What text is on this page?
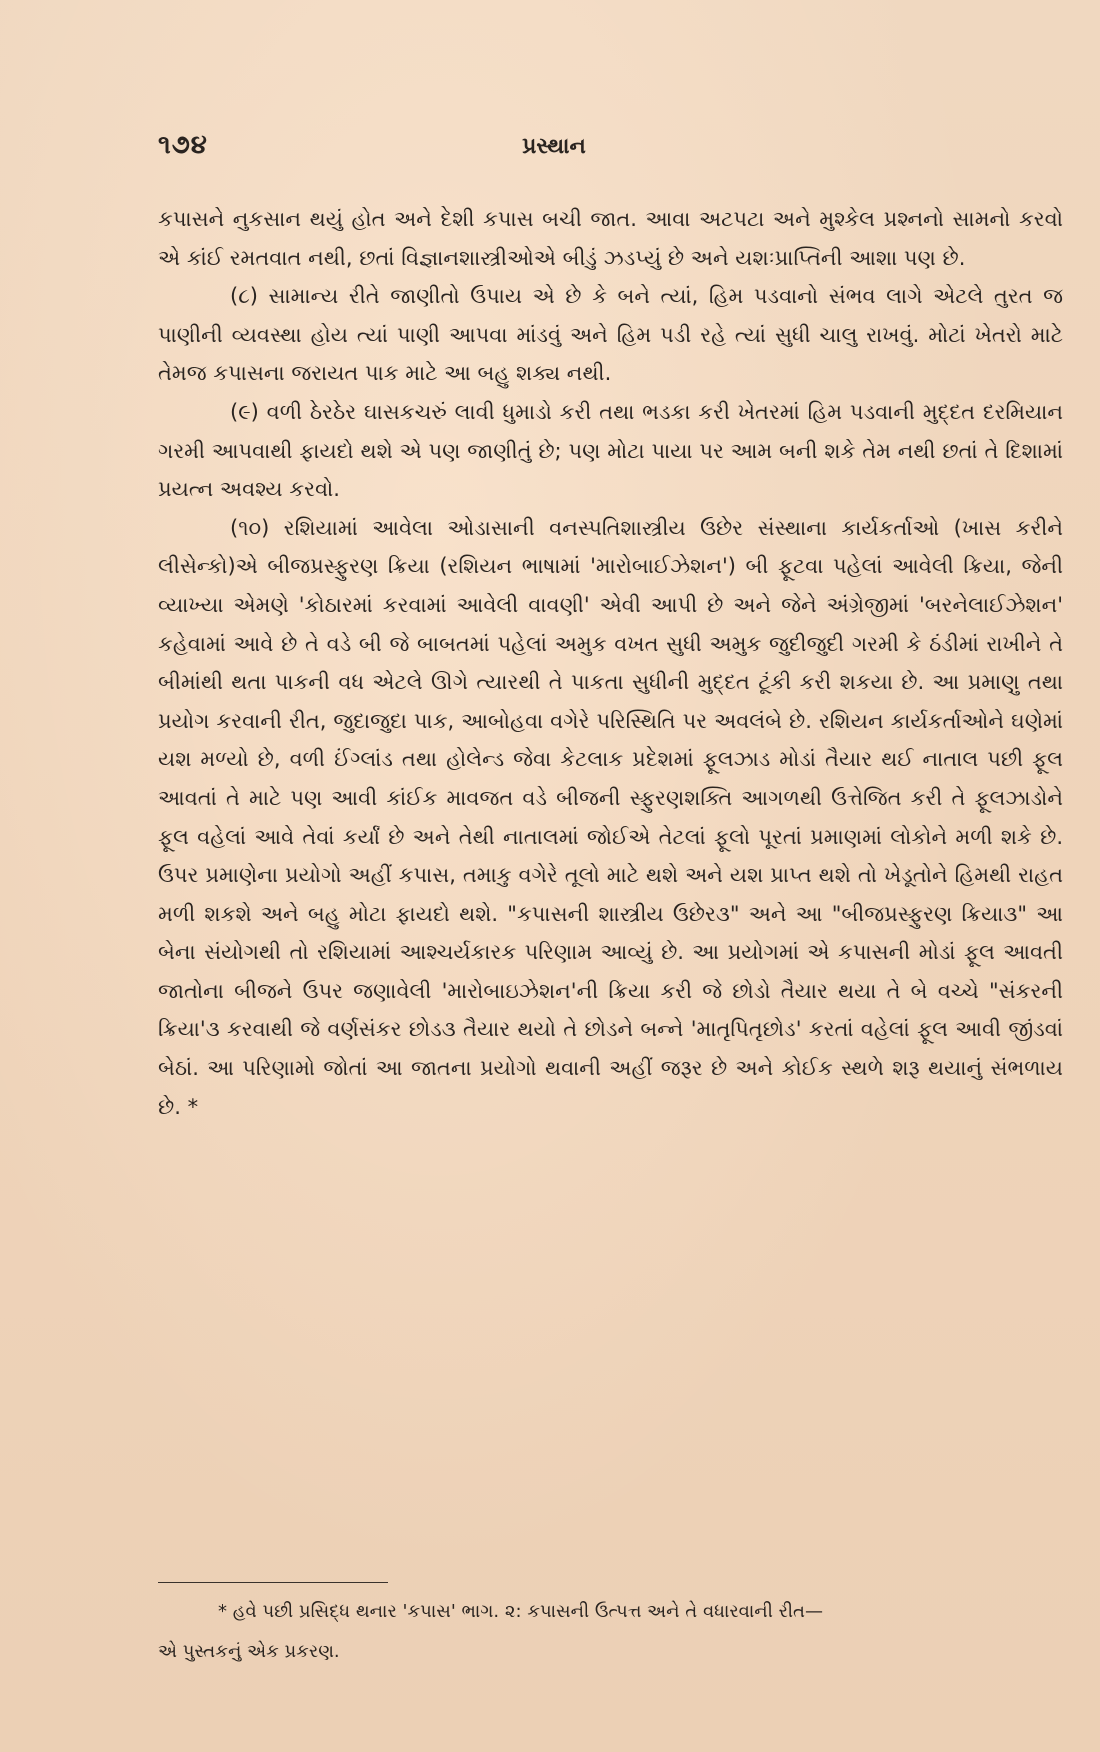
૧૭૪	પ્રસ્થાન

કપાસને નુકસાન થયું હોત અને દેશી કપાસ બચી જાત. આવા અટપટા અને મુશ્કેલ પ્રશ્નનો સામનો કરવો એ કાંઈ રમતવાત નથી, છતાં વિજ્ઞાનશાસ્ત્રીઓએ બીડું ઝડપ્યું છે અને યશઃપ્રાપ્તિની આશા પણ છે.

(૮) સામાન્ય રીતે જાણીતો ઉપાય એ છે કે બને ત્યાં, હિમ પડવાનો સંભવ લાગે એટલે તુરત જ પાણીની વ્યવસ્થા હોય ત્યાં પાણી આપવા માંડવું અને હિમ પડી રહે ત્યાં સુધી ચાલુ રાખવું. મોટાં ખેતરો માટે તેમજ કપાસના જરાયત પાક માટે આ બહુ શક્ય નથી.

(૯) વળી ઠેરઠેર ઘાસકચરું લાવી ધુમાડો કરી તથા ભડકા કરી ખેતરમાં હિમ પડવાની મુદ્દત દરમિયાન ગરમી આપવાથી ફાયદો થશે એ પણ જાણીતું છે; પણ મોટા પાયા પર આમ બની શકે તેમ નથી છતાં તે દિશામાં પ્રયત્ન અવશ્ય કરવો.

(૧૦) રશિયામાં આવેલા ઓડાસાની વનસ્પતિશાસ્ત્રીય ઉછેર સંસ્થાના કાર્યકર્તાઓ (ખાસ કરીને લીસેન્કો)એ બીજપ્રસ્ફુરણ ક્રિયા (રશિયન ભાષામાં 'મારોબાઈઝેશન') બી ફૂટવા પહેલાં આવેલી ક્રિયા, જેની વ્યાખ્યા એમણે 'કોઠારમાં કરવામાં આવેલી વાવણી' એવી આપી છે અને જેને અંગ્રેજીમાં 'બરનેલાઈઝેશન' કહેવામાં આવે છે તે વડે બી જે બાબતમાં પહેલાં અમુક વખત સુધી અમુક જુદીજુદી ગરમી કે ઠંડીમાં રાખીને તે બીમાંથી થતા પાકની વધ એટલે ઊગે ત્યારથી તે પાકતા સુધીની મુદ્દત ટૂંકી કરી શકયા છે. આ પ્રમાણુ તથા પ્રયોગ કરવાની રીત, જુદાજુદા પાક, આબોહવા વગેરે પરિસ્થિતિ પર અવલંબે છે. રશિયન કાર્યકર્તાઓને ઘણેમાં યશ મળ્યો છે, વળી ઈંગ્લાંડ તથા હોલેન્ડ જેવા કેટલાક પ્રદેશમાં ફૂલઝાડ મોડાં તૈયાર થઈ નાતાલ પછી ફૂલ આવતાં તે માટે પણ આવી કાંઈક માવજત વડે બીજની સ્ફુરણશક્તિ આગળથી ઉત્તેજિત કરી તે ફૂલઝાડોને ફૂલ વહેલાં આવે તેવાં કર્યાં છે અને તેથી નાતાલમાં જોઈએ તેટલાં ફૂલો પૂરતાં પ્રમાણમાં લોકોને મળી શકે છે. ઉપર પ્રમાણેના પ્રયોગો અહીં કપાસ, તમાકુ વગેરે તૂલો માટે થશે અને યશ પ્રાપ્ત થશે તો ખેડૂતોને હિમથી રાહત મળી શકશે અને બહુ મોટા ફાયદો થશે. "કપાસની શાસ્ત્રીય ઉછેર૩" અને આ "બીજપ્રસ્ફુરણ ક્રિયા૩" આ બેના સંયોગથી તો રશિયામાં આશ્ચર્યકારક પરિણામ આવ્યું છે. આ પ્રયોગમાં એ કપાસની મોડાં ફૂલ આવતી જાતોના બીજને ઉપર જણાવેલી 'મારોબાઇઝેશન'ની ક્રિયા કરી જે છોડો તૈયાર થયા તે બે વચ્ચે "સંકરની ક્રિયા'૩ કરવાથી જે વર્ણસંકર છોડ૩ તૈયાર થયો તે છોડને બન્ને 'માતૃપિતૃછોડ' કરતાં વહેલાં ફૂલ આવી જીંડવાં બેઠાં. આ પરિણામો જોતાં આ જાતના પ્રયોગો થવાની અહીં જરૂર છે અને કોઈક સ્થળે શરૂ થયાનું સંભળાય છે. *

* હવે પછી પ્રસિદ્ધ થનાર 'કપાસ' ભાગ. ૨: કપાસની ઉત્પત્ત અને તે વધારવાની રીત—

એ પુસ્તકનું એક પ્રકરણ.
